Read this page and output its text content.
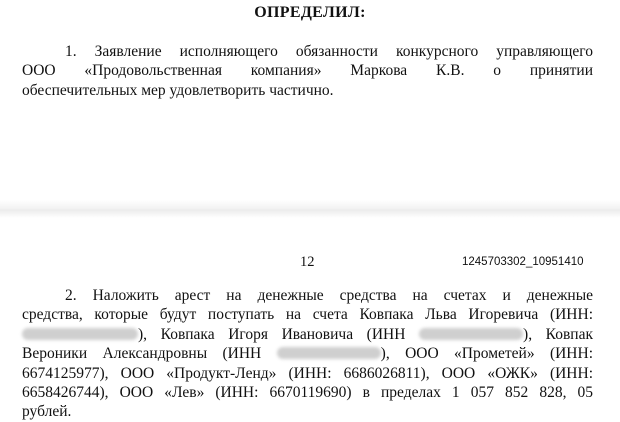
ОПРЕДЕЛИЛ:
1. Заявление исполняющего обязанности конкурсного управляющего
ООО «Продовольственная компания» Маркова К.В. о принятии
обеспечительных мер удовлетворить частично.
12	1245703302_10951410
2. Наложить арест на денежные средства на счетах и денежные
средства, которые будут поступать на счета Ковпака Льва Игоревича (ИНН:
), Ковпака Игоря Ивановича (ИНН	), Ковпак
Вероники Александровны (ИНН	), ООО «Прометей» (ИНН:
6674125977), ООО «Продукт-Ленд» (ИНН: 6686026811), ООО «ОЖК» (ИНН:
6658426744), ООО «Лев» (ИНН: 6670119690) в пределах 1 057 852 828, 05
рублей.
